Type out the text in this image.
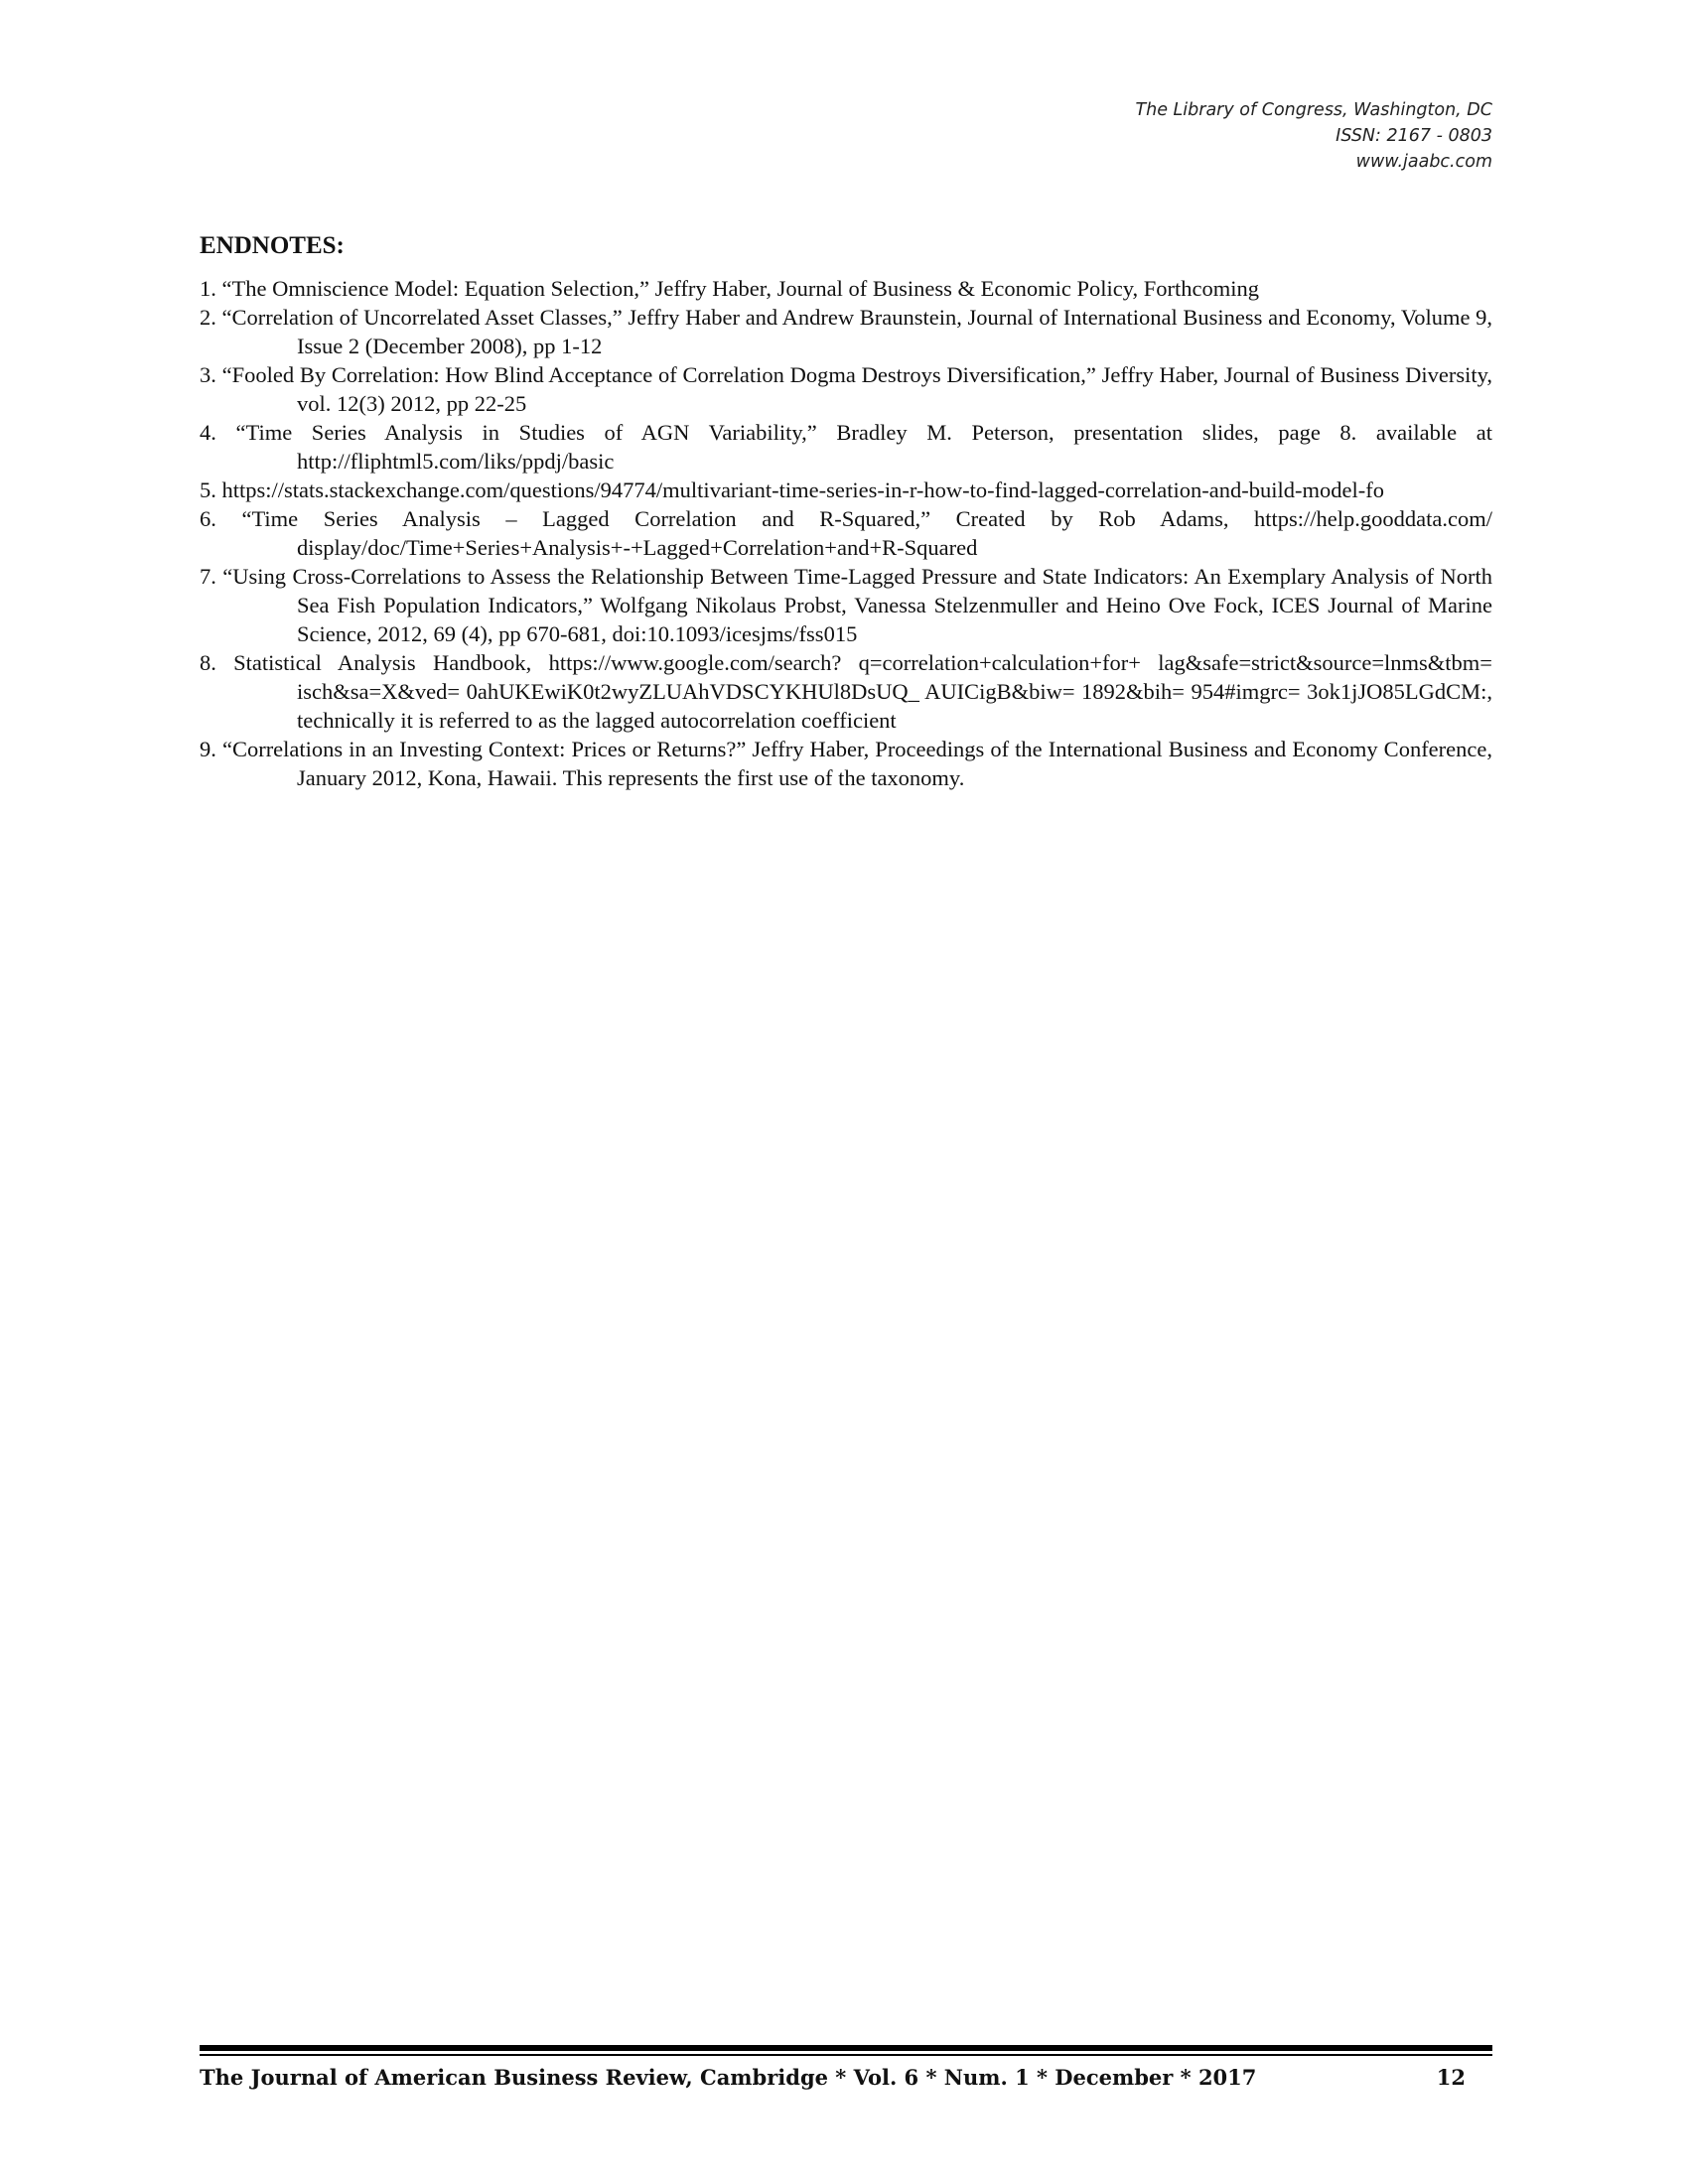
The Library of Congress, Washington, DC
ISSN: 2167 - 0803
www.jaabc.com
ENDNOTES:
1. “The Omniscience Model: Equation Selection,” Jeffry Haber, Journal of Business & Economic Policy, Forthcoming
2. “Correlation of Uncorrelated Asset Classes,” Jeffry Haber and Andrew Braunstein, Journal of International Business and Economy, Volume 9, Issue 2 (December 2008), pp 1-12
3. “Fooled By Correlation: How Blind Acceptance of Correlation Dogma Destroys Diversification,” Jeffry Haber, Journal of Business Diversity, vol. 12(3) 2012, pp 22-25
4. “Time Series Analysis in Studies of AGN Variability,” Bradley M. Peterson, presentation slides, page 8. available at http://fliphtml5.com/liks/ppdj/basic
5. https://stats.stackexchange.com/questions/94774/multivariant-time-series-in-r-how-to-find-lagged-correlation-and-build-model-fo
6. “Time Series Analysis – Lagged Correlation and R-Squared,” Created by Rob Adams, https://help.gooddata.com/ display/doc/Time+Series+Analysis+-+Lagged+Correlation+and+R-Squared
7. “Using Cross-Correlations to Assess the Relationship Between Time-Lagged Pressure and State Indicators: An Exemplary Analysis of North Sea Fish Population Indicators,” Wolfgang Nikolaus Probst, Vanessa Stelzenmuller and Heino Ove Fock, ICES Journal of Marine Science, 2012, 69 (4), pp 670-681, doi:10.1093/icesjms/fss015
8. Statistical Analysis Handbook, https://www.google.com/search? q=correlation+calculation+for+ lag&safe=strict&source=lnms&tbm= isch&sa=X&ved= 0ahUKEwiK0t2wyZLUAhVDSCYKHUl8DsUQ_ AUICigB&biw= 1892&bih= 954#imgrc= 3ok1jJO85LGdCM:, technically it is referred to as the lagged autocorrelation coefficient
9. “Correlations in an Investing Context: Prices or Returns?” Jeffry Haber, Proceedings of the International Business and Economy Conference, January 2012, Kona, Hawaii. This represents the first use of the taxonomy.
The Journal of American Business Review, Cambridge * Vol. 6 * Num. 1 * December * 2017	12
